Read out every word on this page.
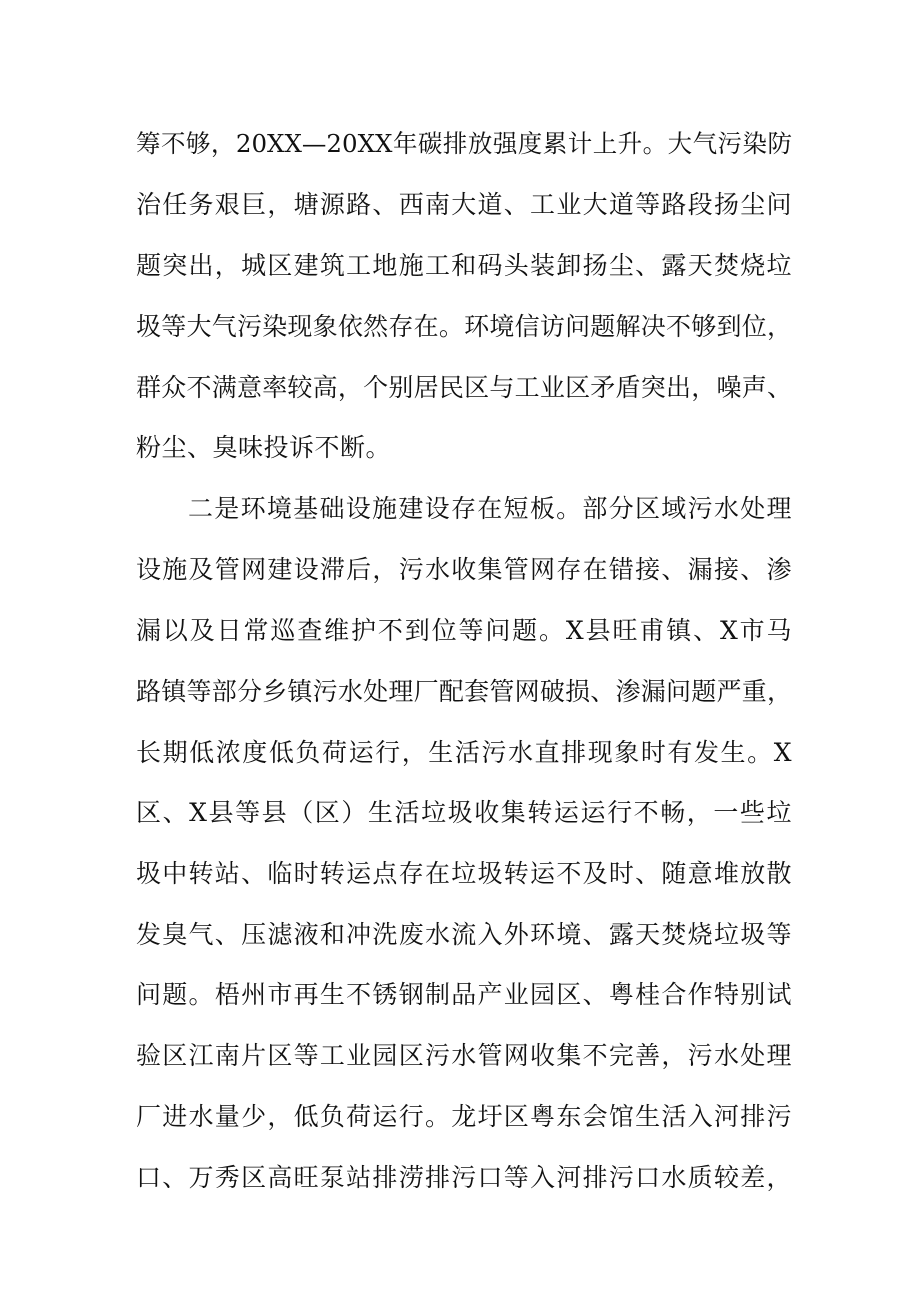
筹不够，20XX—20XX年碳排放强度累计上升。大气污染防
治任务艰巨，塘源路、西南大道、工业大道等路段扬尘问
题突出，城区建筑工地施工和码头装卸扬尘、露天焚烧垃
圾等大气污染现象依然存在。环境信访问题解决不够到位，
群众不满意率较高，个别居民区与工业区矛盾突出，噪声、
粉尘、臭味投诉不断。
二是环境基础设施建设存在短板。部分区域污水处理
设施及管网建设滞后，污水收集管网存在错接、漏接、渗
漏以及日常巡查维护不到位等问题。X县旺甫镇、X市马
路镇等部分乡镇污水处理厂配套管网破损、渗漏问题严重，
长期低浓度低负荷运行，生活污水直排现象时有发生。X
区、X县等县（区）生活垃圾收集转运运行不畅，一些垃
圾中转站、临时转运点存在垃圾转运不及时、随意堆放散
发臭气、压滤液和冲洗废水流入外环境、露天焚烧垃圾等
问题。梧州市再生不锈钢制品产业园区、粤桂合作特别试
验区江南片区等工业园区污水管网收集不完善，污水处理
厂进水量少，低负荷运行。龙圩区粤东会馆生活入河排污
口、万秀区高旺泵站排涝排污口等入河排污口水质较差，
